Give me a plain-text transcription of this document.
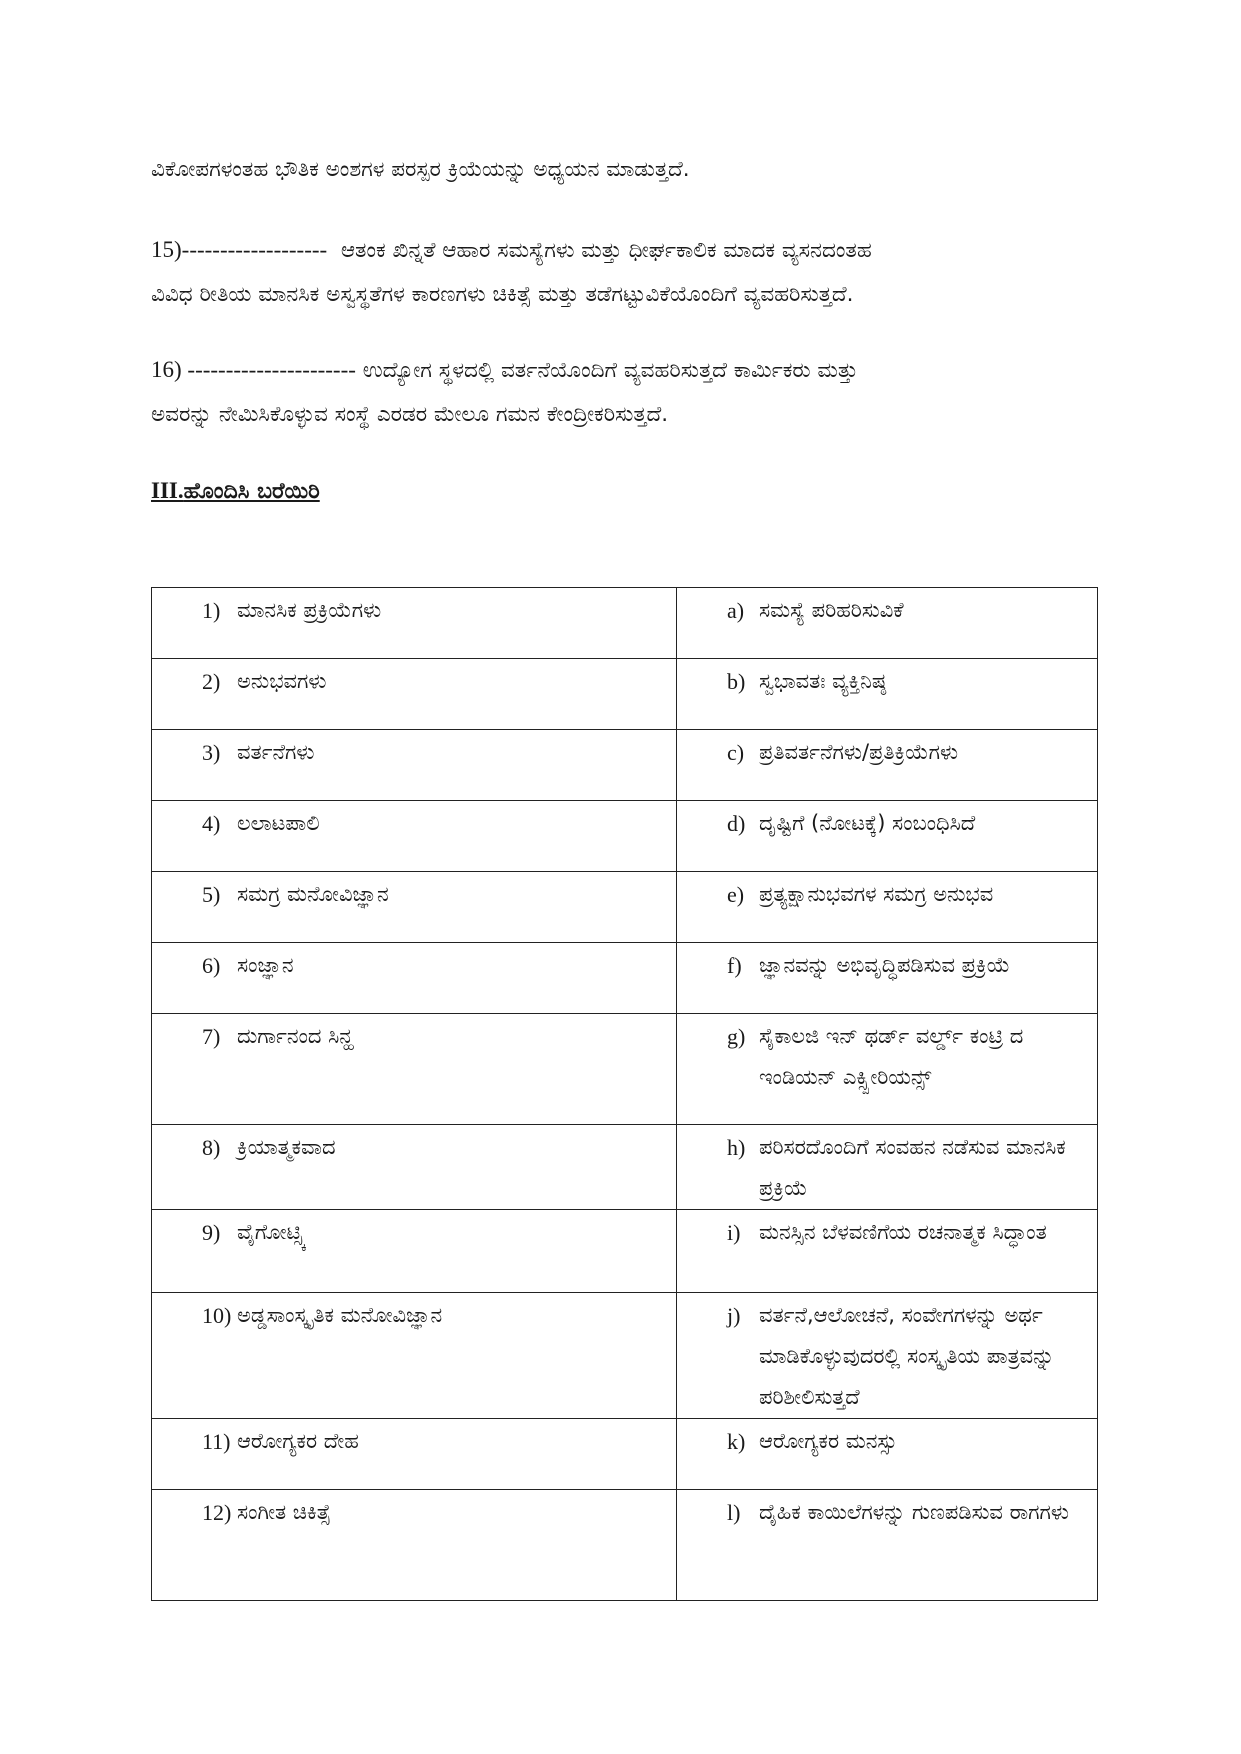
ವಿಕೋಪಗಳಂತಹ ಭೌತಿಕ ಅಂಶಗಳ ಪರಸ್ಪರ ಕ್ರಿಯೆಯನ್ನು ಅಧ್ಯಯನ ಮಾಡುತ್ತದೆ.

15)------------------- ಆತಂಕ ಖಿನ್ನತೆ ಆಹಾರ ಸಮಸ್ಯೆಗಳು ಮತ್ತು ಧೀರ್ಘಕಾಲಿಕ ಮಾದಕ ವ್ಯಸನದಂತಹ
ವಿವಿಧ ರೀತಿಯ ಮಾನಸಿಕ ಅಸ್ವಸ್ಥತೆಗಳ ಕಾರಣಗಳು ಚಿಕಿತ್ಸೆ ಮತ್ತು ತಡೆಗಟ್ಟುವಿಕೆಯೊಂದಿಗೆ ವ್ಯವಹರಿಸುತ್ತದೆ.

16) ---------------------- ಉದ್ಯೋಗ ಸ್ಥಳದಲ್ಲಿ ವರ್ತನೆಯೊಂದಿಗೆ ವ್ಯವಹರಿಸುತ್ತದೆ ಕಾರ್ಮಿಕರು ಮತ್ತು
ಅವರನ್ನು ನೇಮಿಸಿಕೊಳ್ಳುವ ಸಂಸ್ಥೆ ಎರಡರ ಮೇಲೂ ಗಮನ ಕೇಂದ್ರೀಕರಿಸುತ್ತದೆ.

III.ಹೊಂದಿಸಿ ಬರೆಯಿರಿ
1) ಮಾನಸಿಕ ಪ್ರಕ್ರಿಯೆಗಳು	a) ಸಮಸ್ಯೆ ಪರಿಹರಿಸುವಿಕೆ

2) ಅನುಭವಗಳು	b) ಸ್ವಭಾವತಃ ವ್ಯಕ್ತಿನಿಷ್ಠ

3) ವರ್ತನೆಗಳು	c) ಪ್ರತಿವರ್ತನೆಗಳು/ಪ್ರತಿಕ್ರಿಯೆಗಳು

4) ಲಲಾಟಪಾಲಿ	d) ದೃಷ್ಟಿಗೆ (ನೋಟಕ್ಕೆ) ಸಂಬಂಧಿಸಿದೆ

5) ಸಮಗ್ರ ಮನೋವಿಜ್ಞಾನ	e) ಪ್ರತ್ಯಕ್ಷಾನುಭವಗಳ ಸಮಗ್ರ ಅನುಭವ

6) ಸಂಜ್ಞಾನ	f) ಜ್ಞಾನವನ್ನು ಅಭಿವೃದ್ಧಿಪಡಿಸುವ ಪ್ರಕ್ರಿಯೆ

7) ದುರ್ಗಾನಂದ ಸಿನ್ಹ	g) ಸೈಕಾಲಜಿ ಇನ್ ಥರ್ಡ್ ವರ್ಲ್ಡ್ ಕಂಟ್ರಿ ದ ಇಂಡಿಯನ್ ಎಕ್ಸ್ಪೀರಿಯನ್ಸ್

8) ಕ್ರಿಯಾತ್ಮಕವಾದ	h) ಪರಿಸರದೊಂದಿಗೆ ಸಂವಹನ ನಡೆಸುವ ಮಾನಸಿಕ ಪ್ರಕ್ರಿಯೆ

9) ವೈಗೋಟ್ಸ್ಕಿ	i) ಮನಸ್ಸಿನ ಬೆಳವಣಿಗೆಯ ರಚನಾತ್ಮಕ ಸಿದ್ಧಾಂತ

10) ಅಡ್ಡಸಾಂಸ್ಕೃತಿಕ ಮನೋವಿಜ್ಞಾನ	j) ವರ್ತನೆ,ಆಲೋಚನೆ, ಸಂವೇಗಗಳನ್ನು ಅರ್ಥ ಮಾಡಿಕೊಳ್ಳುವುದರಲ್ಲಿ ಸಂಸ್ಕೃತಿಯ ಪಾತ್ರವನ್ನು ಪರಿಶೀಲಿಸುತ್ತದೆ

11) ಆರೋಗ್ಯಕರ ದೇಹ	k) ಆರೋಗ್ಯಕರ ಮನಸ್ಸು

12) ಸಂಗೀತ ಚಿಕಿತ್ಸೆ	l) ದೈಹಿಕ ಕಾಯಿಲೆಗಳನ್ನು ಗುಣಪಡಿಸುವ ರಾಗಗಳು
